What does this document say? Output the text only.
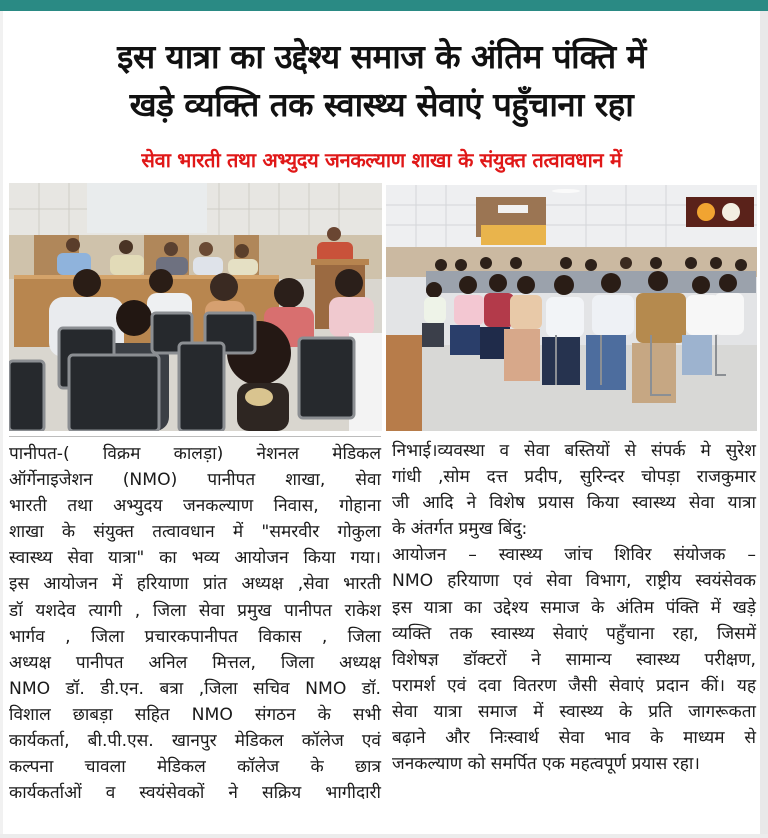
इस यात्रा का उद्देश्य समाज के अंतिम पंक्ति में
खड़े व्यक्ति तक स्वास्थ्य सेवाएं पहुँचाना रहा
सेवा भारती तथा अभ्युदय जनकल्याण शाखा के संयुक्त तत्वावधान में

पानीपत-( विक्रम कालड़ा) नेशनल मेडिकल

ऑर्गेनाइजेशन (NMO) पानीपत शाखा, सेवा

भारती तथा अभ्युदय जनकल्याण निवास, गोहाना

शाखा के संयुक्त तत्वावधान में "समरवीर गोकुला

स्वास्थ्य सेवा यात्रा" का भव्य आयोजन किया गया।

इस आयोजन में हरियाणा प्रांत अध्यक्ष ,सेवा भारती

डॉ यशदेव त्यागी , जिला सेवा प्रमुख पानीपत राकेश

भार्गव , जिला प्रचारकपानीपत विकास , जिला

अध्यक्ष पानीपत अनिल मित्तल, जिला अध्यक्ष

NMO डॉ. डी.एन. बत्रा ,जिला सचिव NMO डॉ.

विशाल छाबड़ा सहित NMO संगठन के सभी

कार्यकर्ता, बी.पी.एस. खानपुर मेडिकल कॉलेज एवं

कल्पना चावला मेडिकल कॉलेज के छात्र

कार्यकर्ताओं व स्वयंसेवकों ने सक्रिय भागीदारी

निभाई।व्यवस्था व सेवा बस्तियों से संपर्क मे सुरेश

गांधी ,सोम दत्त प्रदीप, सुरिन्दर चोपड़ा राजकुमार

जी आदि ने विशेष प्रयास किया स्वास्थ्य सेवा यात्रा

के अंतर्गत प्रमुख बिंदु:

आयोजन – स्वास्थ्य जांच शिविर संयोजक –

NMO हरियाणा एवं सेवा विभाग, राष्ट्रीय स्वयंसेवक

इस यात्रा का उद्देश्य समाज के अंतिम पंक्ति में खड़े

व्यक्ति तक स्वास्थ्य सेवाएं पहुँचाना रहा, जिसमें

विशेषज्ञ डॉक्टरों ने सामान्य स्वास्थ्य परीक्षण,

परामर्श एवं दवा वितरण जैसी सेवाएं प्रदान कीं। यह

सेवा यात्रा समाज में स्वास्थ्य के प्रति जागरूकता

बढ़ाने और निःस्वार्थ सेवा भाव के माध्यम से

जनकल्याण को समर्पित एक महत्वपूर्ण प्रयास रहा।
